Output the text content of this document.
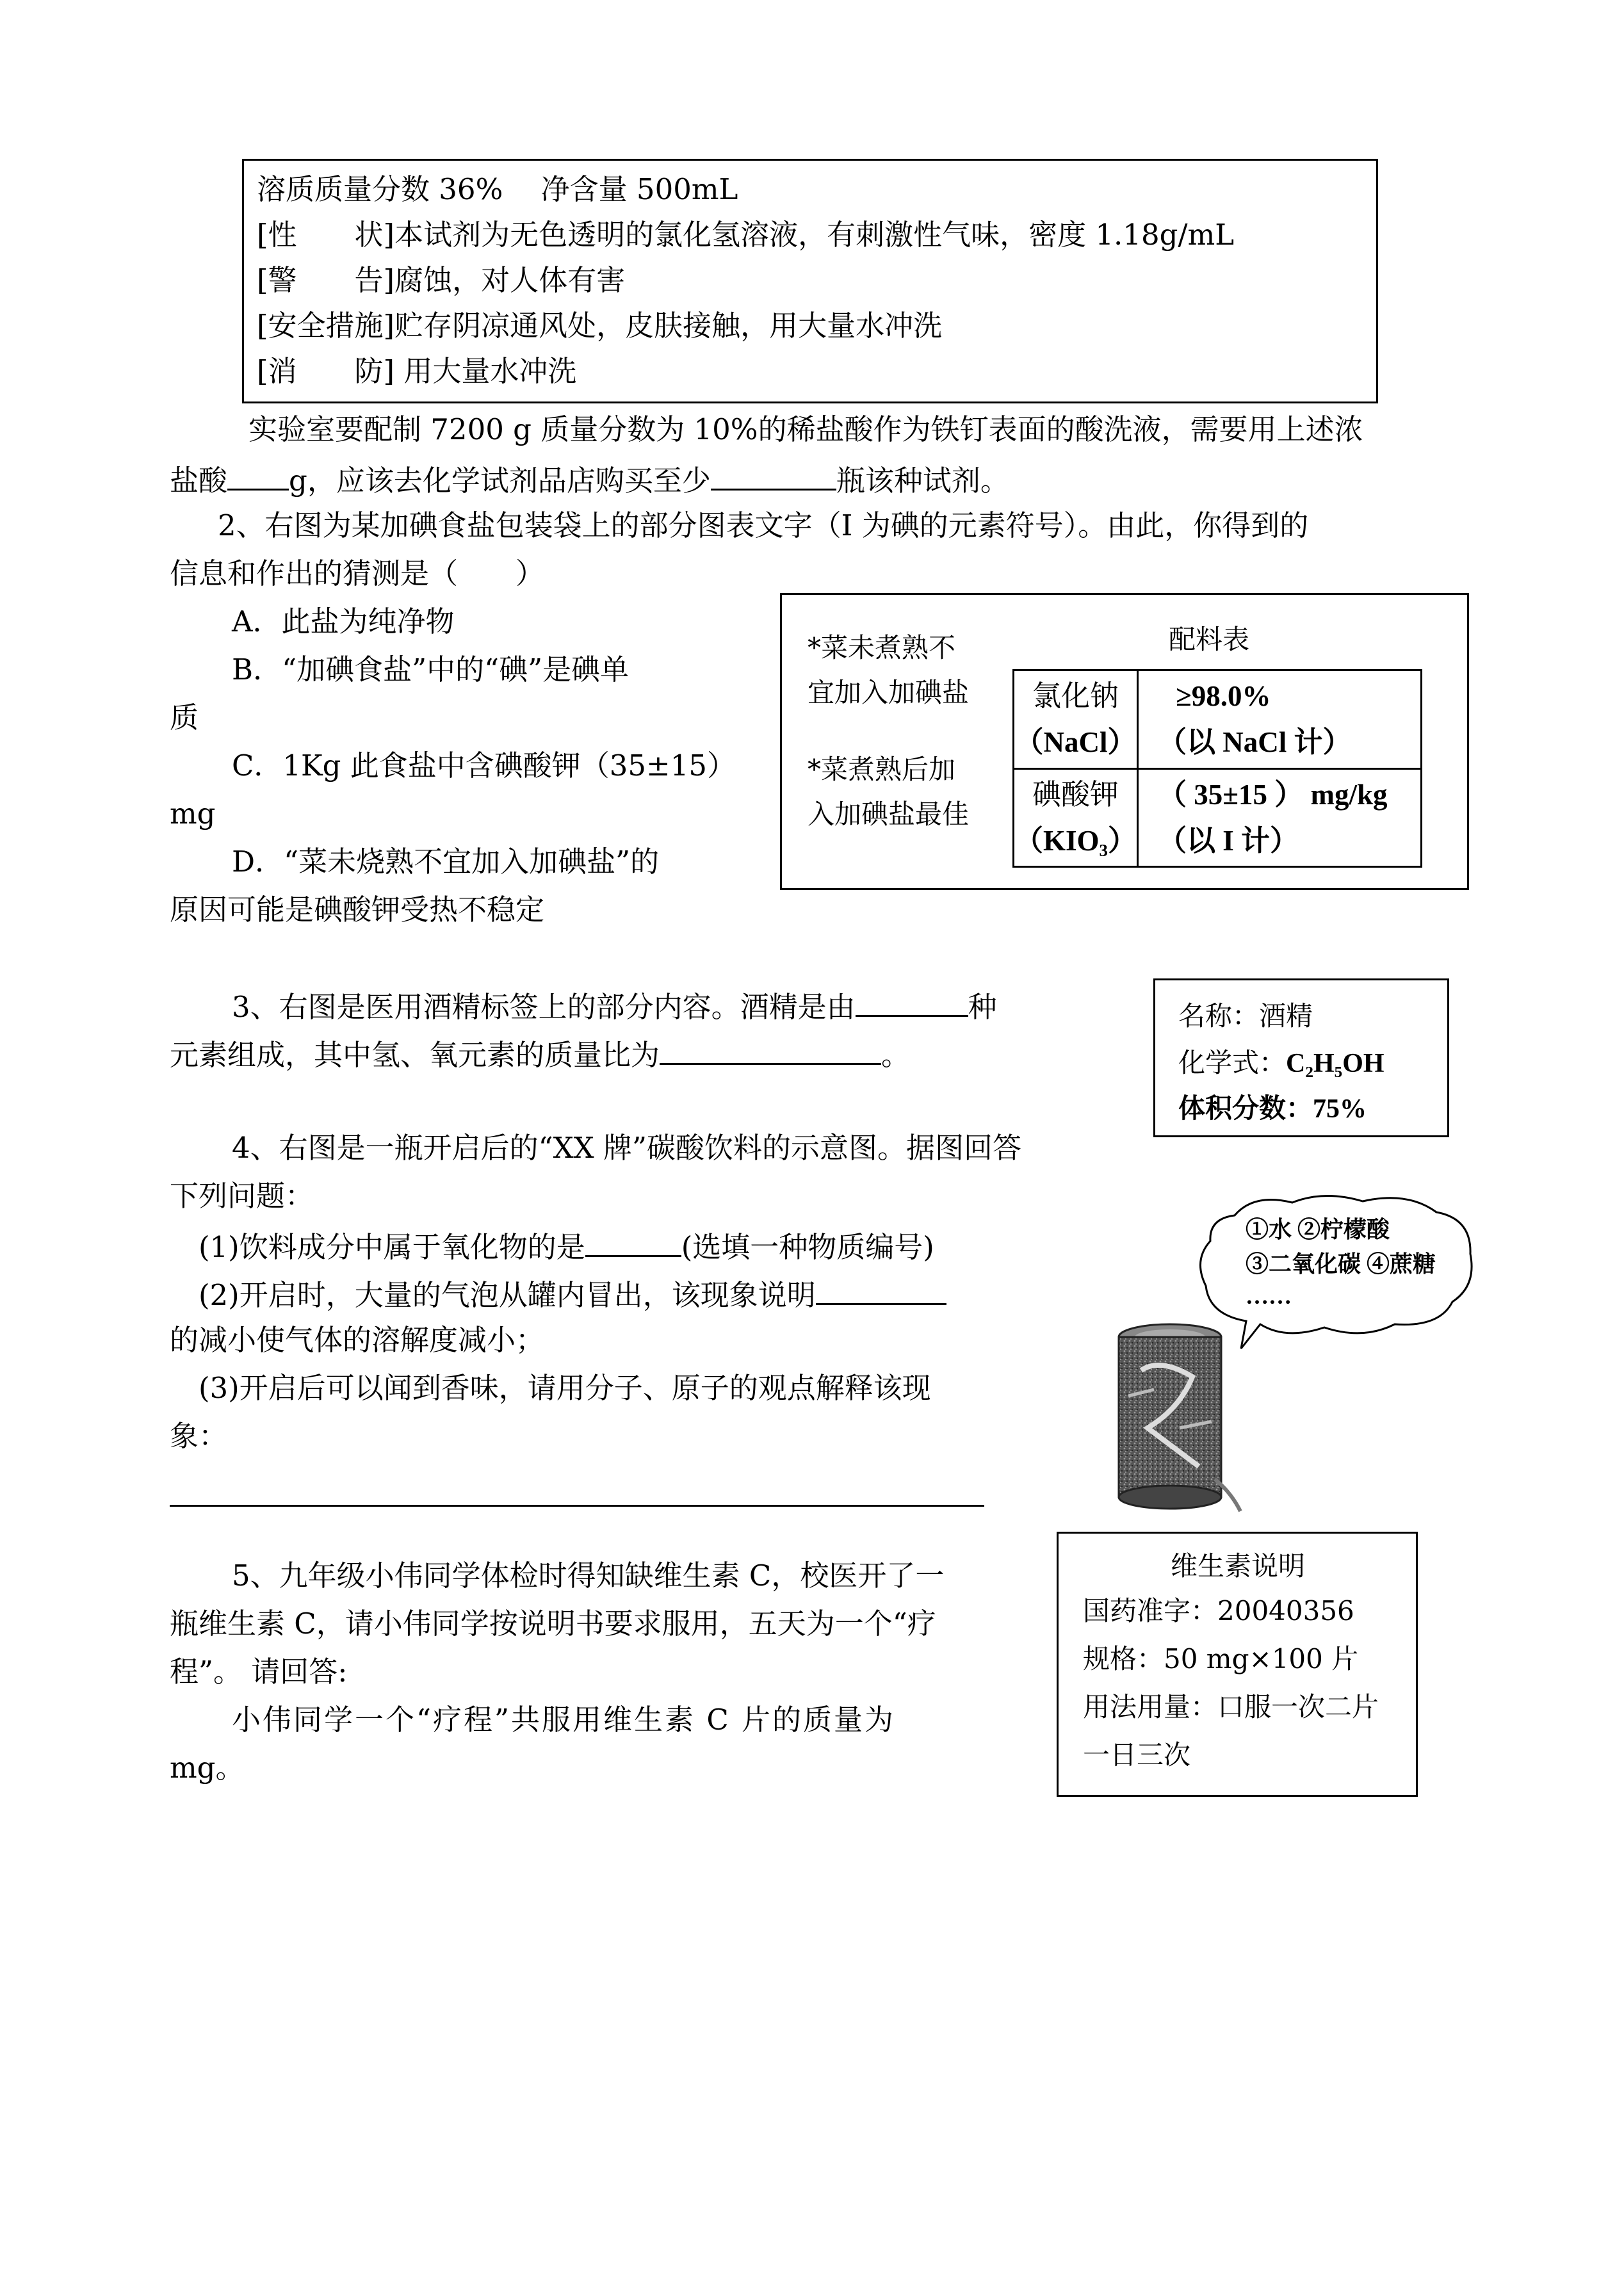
溶质质量分数 36%　 净含量 500mL
[性　　状]本试剂为无色透明的氯化氢溶液，有刺激性气味，密度 1.18g/mL
[警　　告]腐蚀，对人体有害
[安全措施]贮存阴凉通风处，皮肤接触，用大量水冲洗
[消　　防] 用大量水冲洗
实验室要配制 7200 g 质量分数为 10%的稀盐酸作为铁钉表面的酸洗液，需要用上述浓
盐酸 g，应该去化学试剂品店购买至少	瓶该种试剂。
2、右图为某加碘食盐包装袋上的部分图表文字（I 为碘的元素符号）。由此，你得到的
信息和作出的猜测是（　　）
A．此盐为纯净物
B．“加碘食盐”中的“碘”是碘单
质
C．1Kg 此食盐中含碘酸钾（35±15）
mg
D．“菜未烧熟不宜加入加碘盐”的
原因可能是碘酸钾受热不稳定
*菜未煮熟不
宜加入加碘盐
*菜煮熟后加
入加碘盐最佳
配料表
氯化钠
（NaCl）	≥98.0%
（以 NaCl 计）

碘酸钾
（KIO₃）	（ 35±15 ） mg/kg
（以 I 计）
3、右图是医用酒精标签上的部分内容。酒精是由	种
元素组成，其中氢、氧元素的质量比为	。
名称：酒精
化学式：C₂H₅OH
体积分数：75%
4、右图是一瓶开启后的“XX 牌”碳酸饮料的示意图。据图回答
下列问题：
(1)饮料成分中属于氧化物的是	(选填一种物质编号)
(2)开启时，大量的气泡从罐内冒出，该现象说明
的减小使气体的溶解度减小；
(3)开启后可以闻到香味，请用分子、原子的观点解释该现
象：
①水 ②柠檬酸
③二氧化碳 ④蔗糖
……
5、九年级小伟同学体检时得知缺维生素 C，校医开了一
瓶维生素 C，请小伟同学按说明书要求服用，五天为一个“疗
程”。 请回答:
小伟同学一个“疗程”共服用维生素 C 片的质量为
mg。
维生素说明
国药准字：20040356
规格：50 mg×100 片
用法用量：口服一次二片
一日三次
